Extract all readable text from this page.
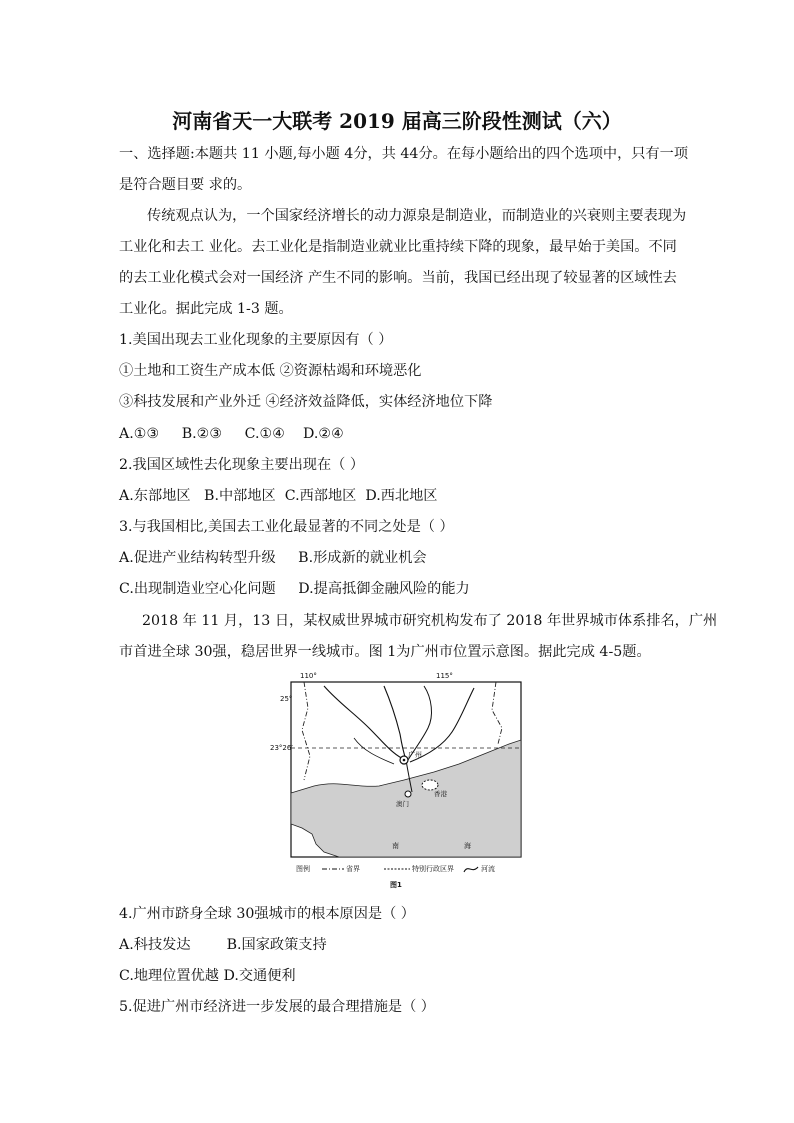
河南省天一大联考 2019 届高三阶段性测试（六）
一、选择题:本题共 11 小题,每小题 4分，共 44分。在每小题给出的四个选项中，只有一项
是符合题目要 求的。
传统观点认为，一个国家经济增长的动力源泉是制造业，而制造业的兴衰则主要表现为
工业化和去工 业化。去工业化是指制造业就业比重持续下降的现象，最早始于美国。不同
的去工业化模式会对一国经济 产生不同的影响。当前，我国已经出现了较显著的区域性去
工业化。据此完成 1-3 题。
1.美国出现去工业化现象的主要原因有（ ）
①土地和工资生产成本低 ②资源枯竭和环境恶化
③科技发展和产业外迁 ④经济效益降低，实体经济地位下降
A.①③     B.②③     C.①④    D.②④
2.我国区域性去化现象主要出现在（ ）
A.东部地区   B.中部地区  C.西部地区  D.西北地区
3.与我国相比,美国去工业化最显著的不同之处是（ ）
A.促进产业结构转型升级     B.形成新的就业机会
C.出现制造业空心化问题     D.提高抵御金融风险的能力
2018 年 11 月，13 日，某权威世界城市研究机构发布了 2018 年世界城市体系排名，广州
市首进全球 30强，稳居世界一线城市。图 1为广州市位置示意图。据此完成 4-5题。
110°	115°
25°
23°26′
广州
澳门
香港
南	海
图例	省界	特别行政区界	河流
图1
4.广州市跻身全球 30强城市的根本原因是（ ）
A.科技发达        B.国家政策支持
C.地理位置优越 D.交通便利
5.促进广州市经济进一步发展的最合理措施是（ ）
